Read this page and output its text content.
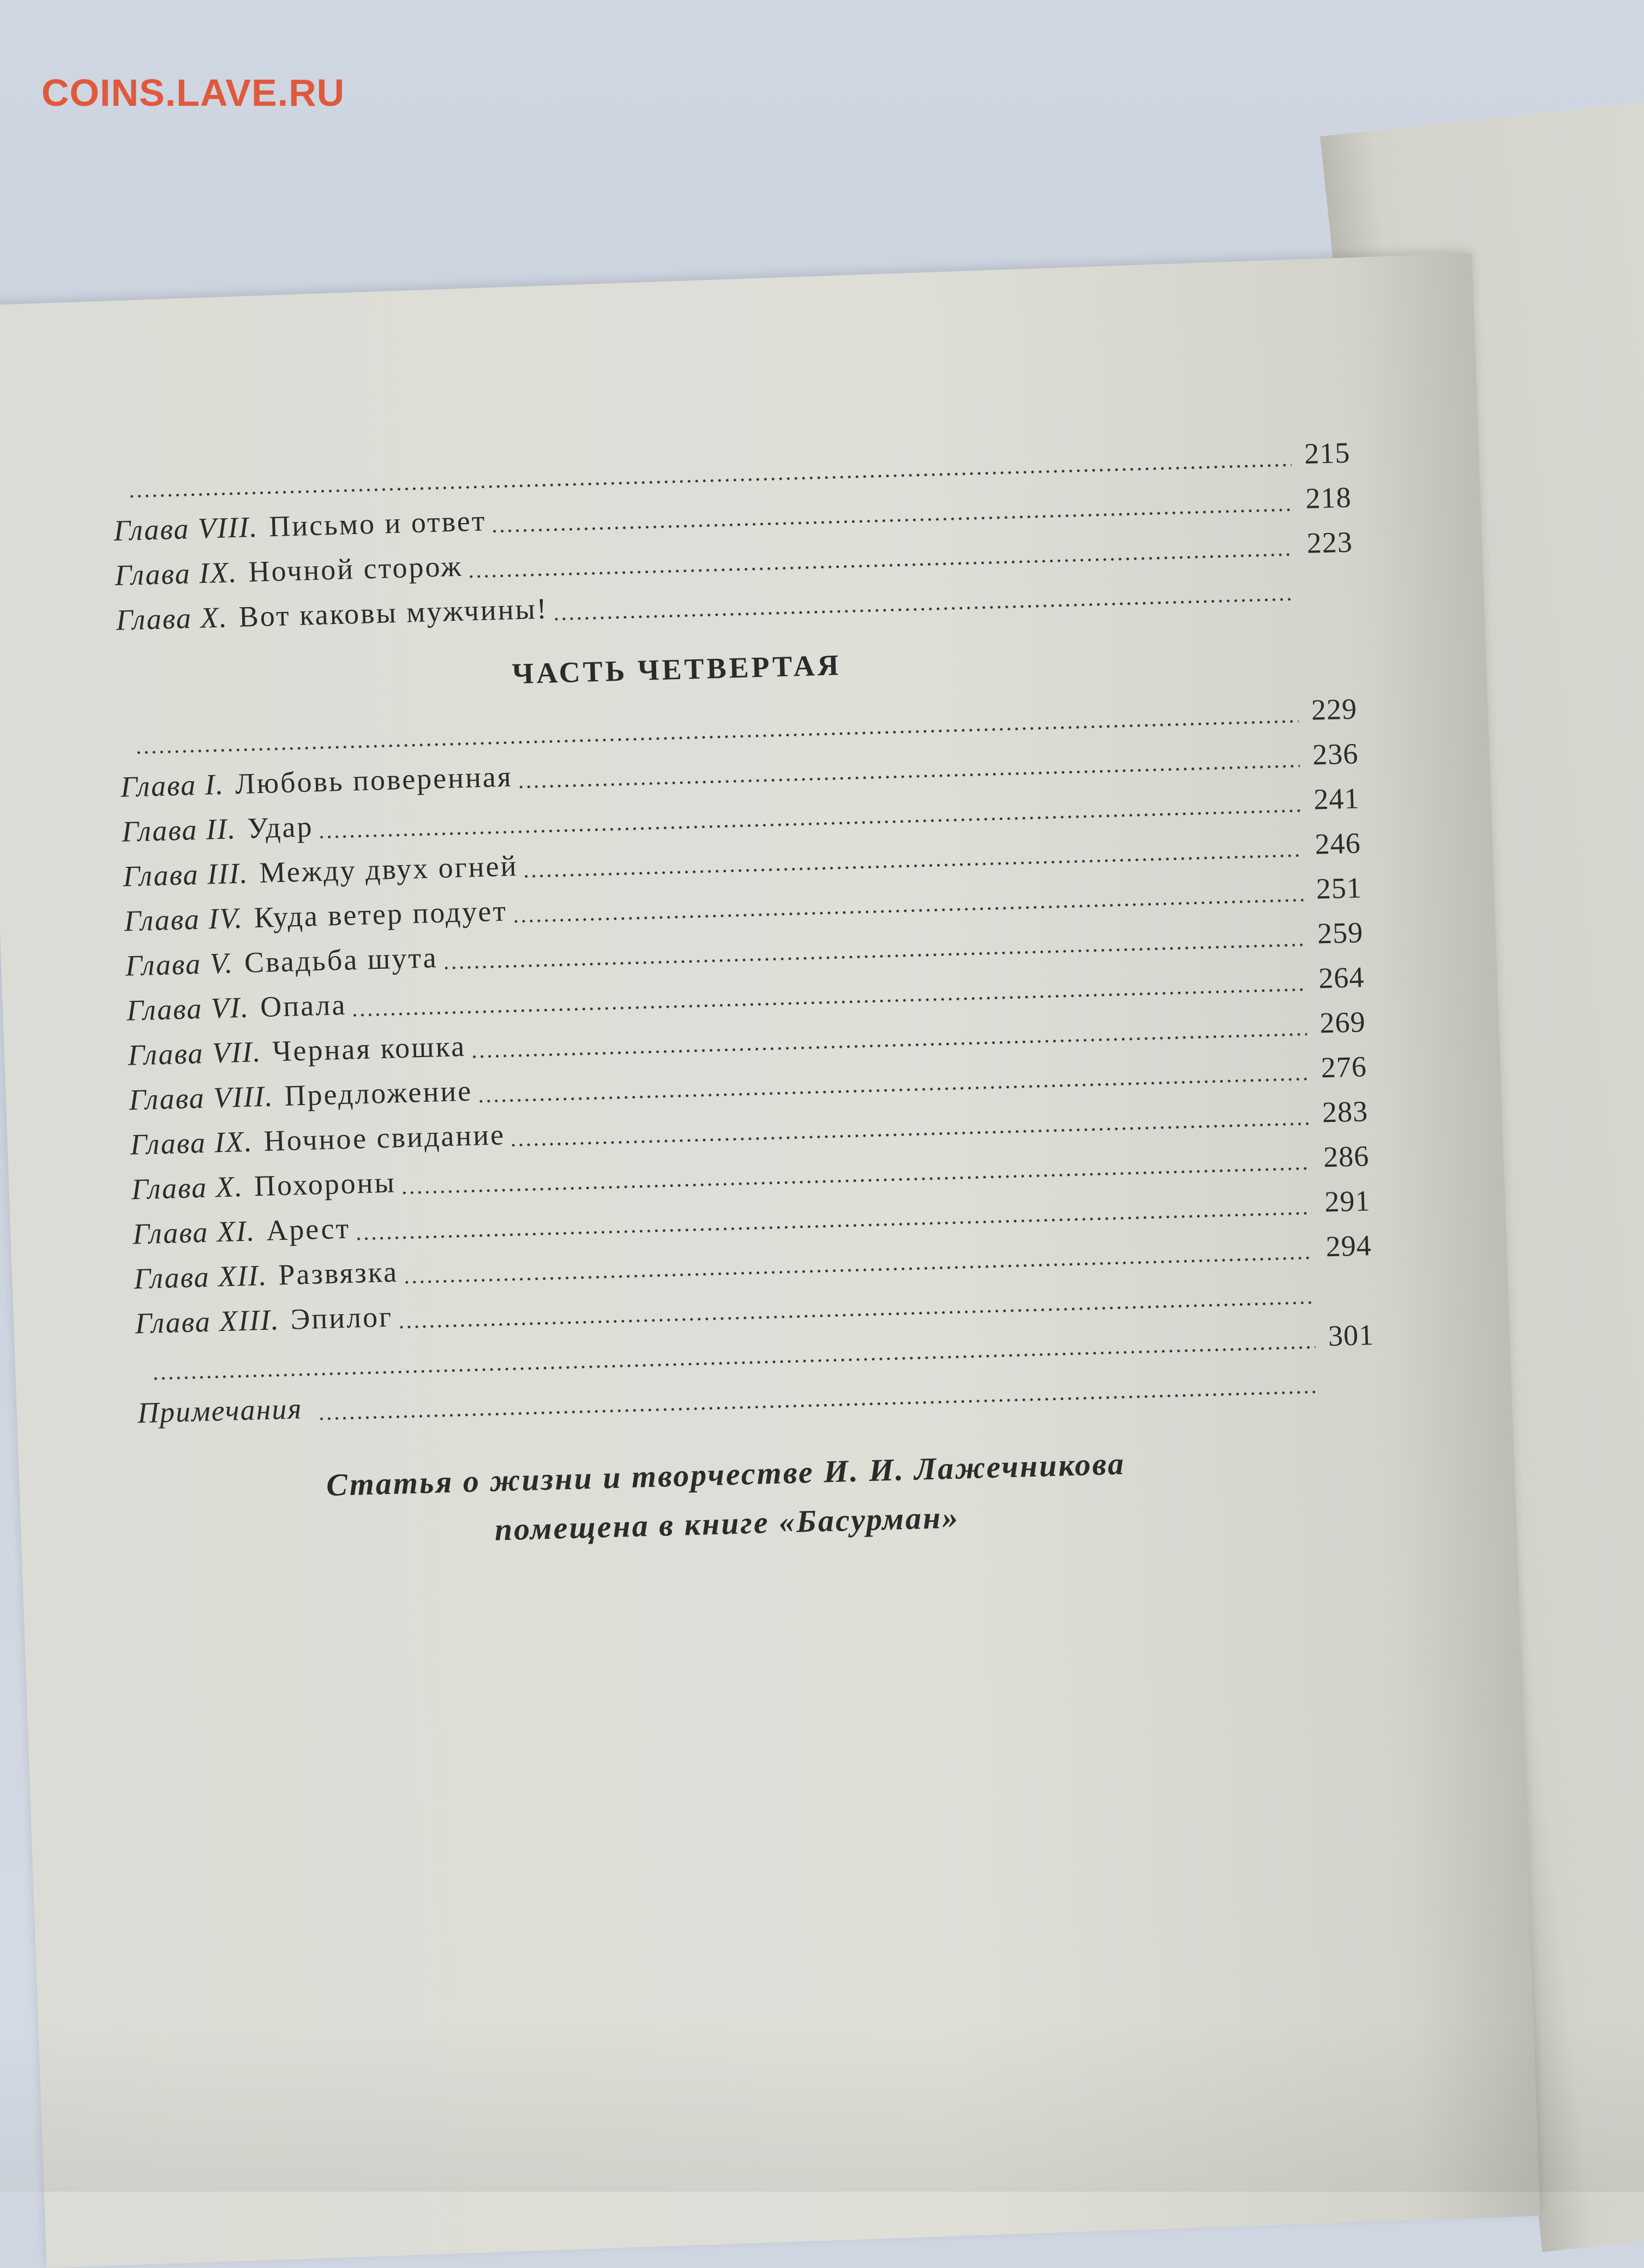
COINS.LAVE.RU
215
Глава VIII. Письмо и ответ
218
Глава IX. Ночной сторож
223
Глава X. Вот каковы мужчины!
ЧАСТЬ ЧЕТВЕРТАЯ
229
Глава I. Любовь поверенная
236
Глава II. Удар
241
Глава III. Между двух огней
246
Глава IV. Куда ветер подует
251
Глава V. Свадьба шута
259
Глава VI. Опала
264
Глава VII. Черная кошка
269
Глава VIII. Предложение
276
Глава IX. Ночное свидание
283
Глава X. Похороны
286
Глава XI. Арест
291
Глава XII. Развязка
294
Глава XIII. Эпилог	301
Примечания
Статья о жизни и творчестве И. И. Лажечникова
помещена в книге «Басурман»
